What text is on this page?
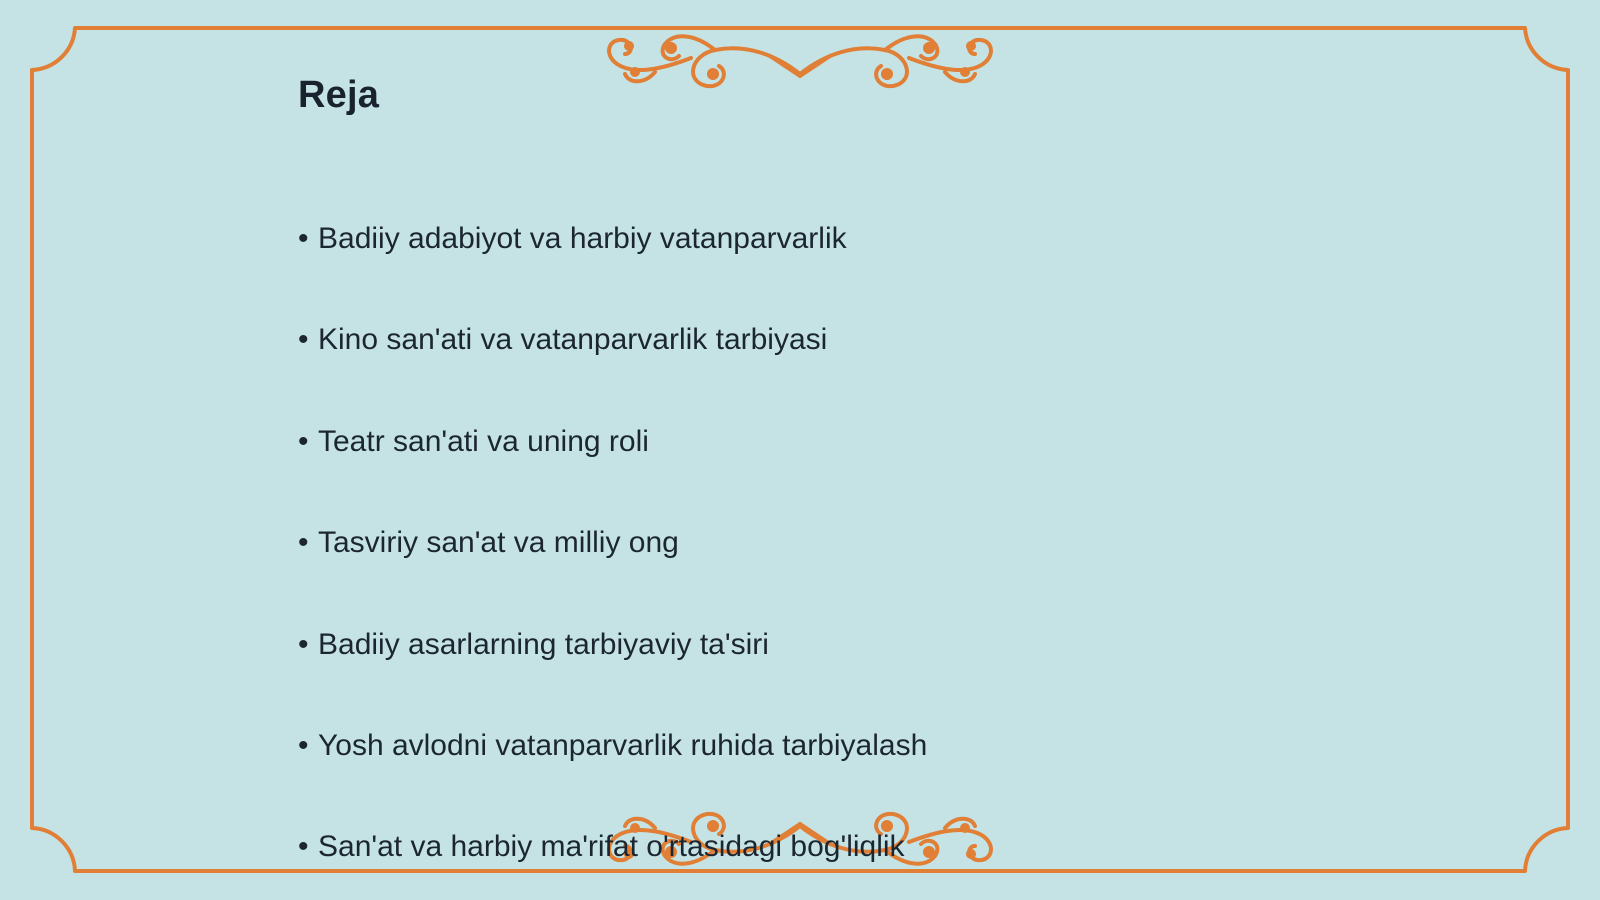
Reja
• Badiiy adabiyot va harbiy vatanparvarlik
• Kino san'ati va vatanparvarlik tarbiyasi
• Teatr san'ati va uning roli
• Tasviriy san'at va milliy ong
• Badiiy asarlarning tarbiyaviy ta'siri
• Yosh avlodni vatanparvarlik ruhida tarbiyalash
• San'at va harbiy ma'rifat o'rtasidagi bog'liqlik
